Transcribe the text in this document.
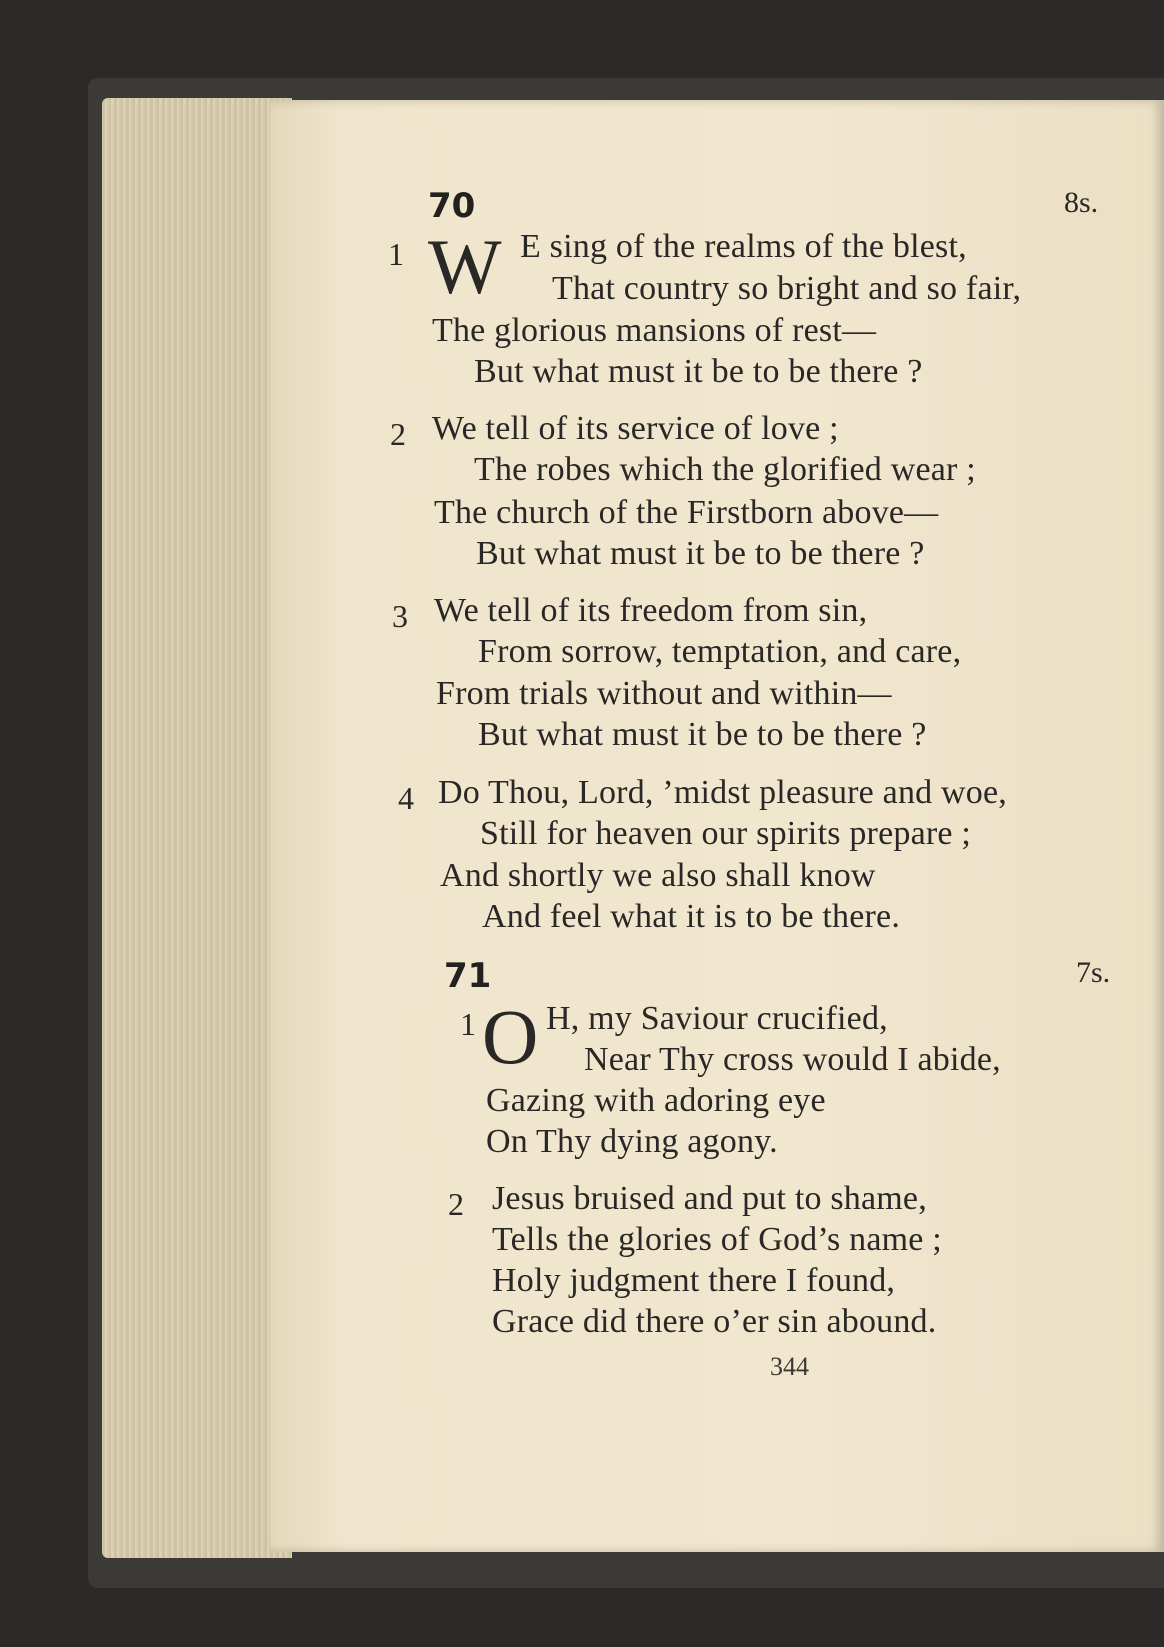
70	8s.
1 W E sing of the realms of the blest,
That country so bright and so fair,
The glorious mansions of rest—
But what must it be to be there ?
2 We tell of its service of love ;
The robes which the glorified wear ;
The church of the Firstborn above—
But what must it be to be there ?
3 We tell of its freedom from sin,
From sorrow, temptation, and care,
From trials without and within—
But what must it be to be there ?
4 Do Thou, Lord, ’midst pleasure and woe,
Still for heaven our spirits prepare ;
And shortly we also shall know
And feel what it is to be there.
71	7s.
1 O H, my Saviour crucified,
Near Thy cross would I abide,
Gazing with adoring eye
On Thy dying agony.
2 Jesus bruised and put to shame,
Tells the glories of God’s name ;
Holy judgment there I found,
Grace did there o’er sin abound.
344
